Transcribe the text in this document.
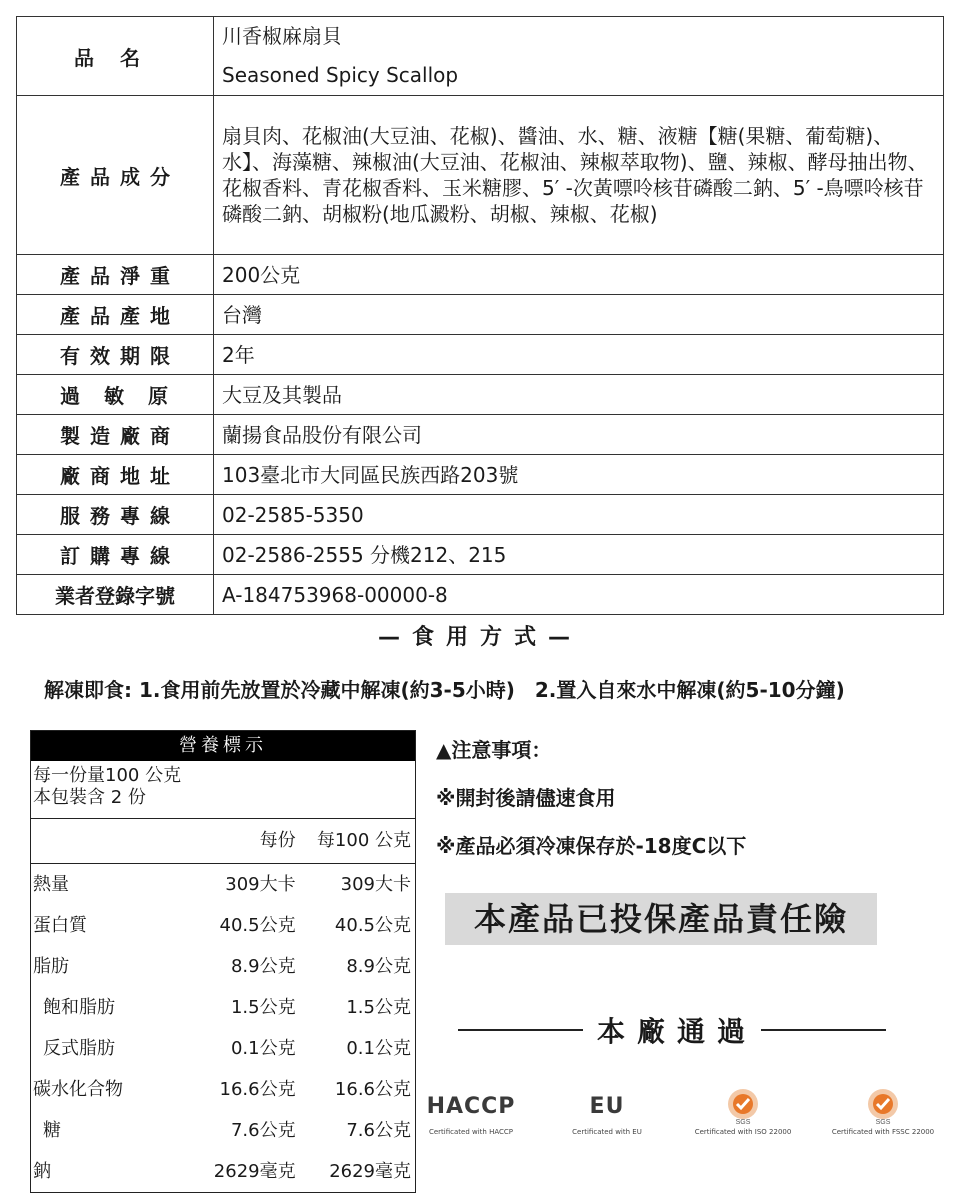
品名	川香椒麻扇貝
Seasoned Spicy Scallop

產品成分	扇貝肉、花椒油(大豆油、花椒)、醬油、水、糖、液糖【糖(果糖、葡萄糖)、水】、海藻糖、辣椒油(大豆油、花椒油、辣椒萃取物)、鹽、辣椒、酵母抽出物、花椒香料、青花椒香料、玉米糖膠、5′ -次黃嘌呤核苷磷酸二鈉、5′ -鳥嘌呤核苷磷酸二鈉、胡椒粉(地瓜澱粉、胡椒、辣椒、花椒)
產品淨重	200公克
產品產地	台灣
有效期限	2年
過敏原	大豆及其製品
製造廠商	蘭揚食品股份有限公司
廠商地址	103臺北市大同區民族西路203號
服務專線	02-2585-5350
訂購專線	02-2586-2555 分機212、215
業者登錄字號	A-184753968-00000-8
—食用方式—
解凍即食: 1.食用前先放置於冷藏中解凍(約3-5小時)　2.置入自來水中解凍(約5-10分鐘)
營養標示
每一份量100 公克
本包裝含 2 份
每份	每100 公克
熱量	309大卡	309大卡
蛋白質	40.5公克	40.5公克
脂肪	8.9公克	8.9公克
飽和脂肪	1.5公克	1.5公克
反式脂肪	0.1公克	0.1公克
碳水化合物	16.6公克	16.6公克
糖	7.6公克	7.6公克
鈉	2629毫克	2629毫克
▲注意事項：
※開封後請儘速食用
※產品必須冷凍保存於-18度C以下
本產品已投保產品責任險
本廠通過
HACCP
Certificated with HACCP
EU
Certificated with EU
SGS
Certificated with ISO 22000
SGS
Certificated with FSSC 22000
